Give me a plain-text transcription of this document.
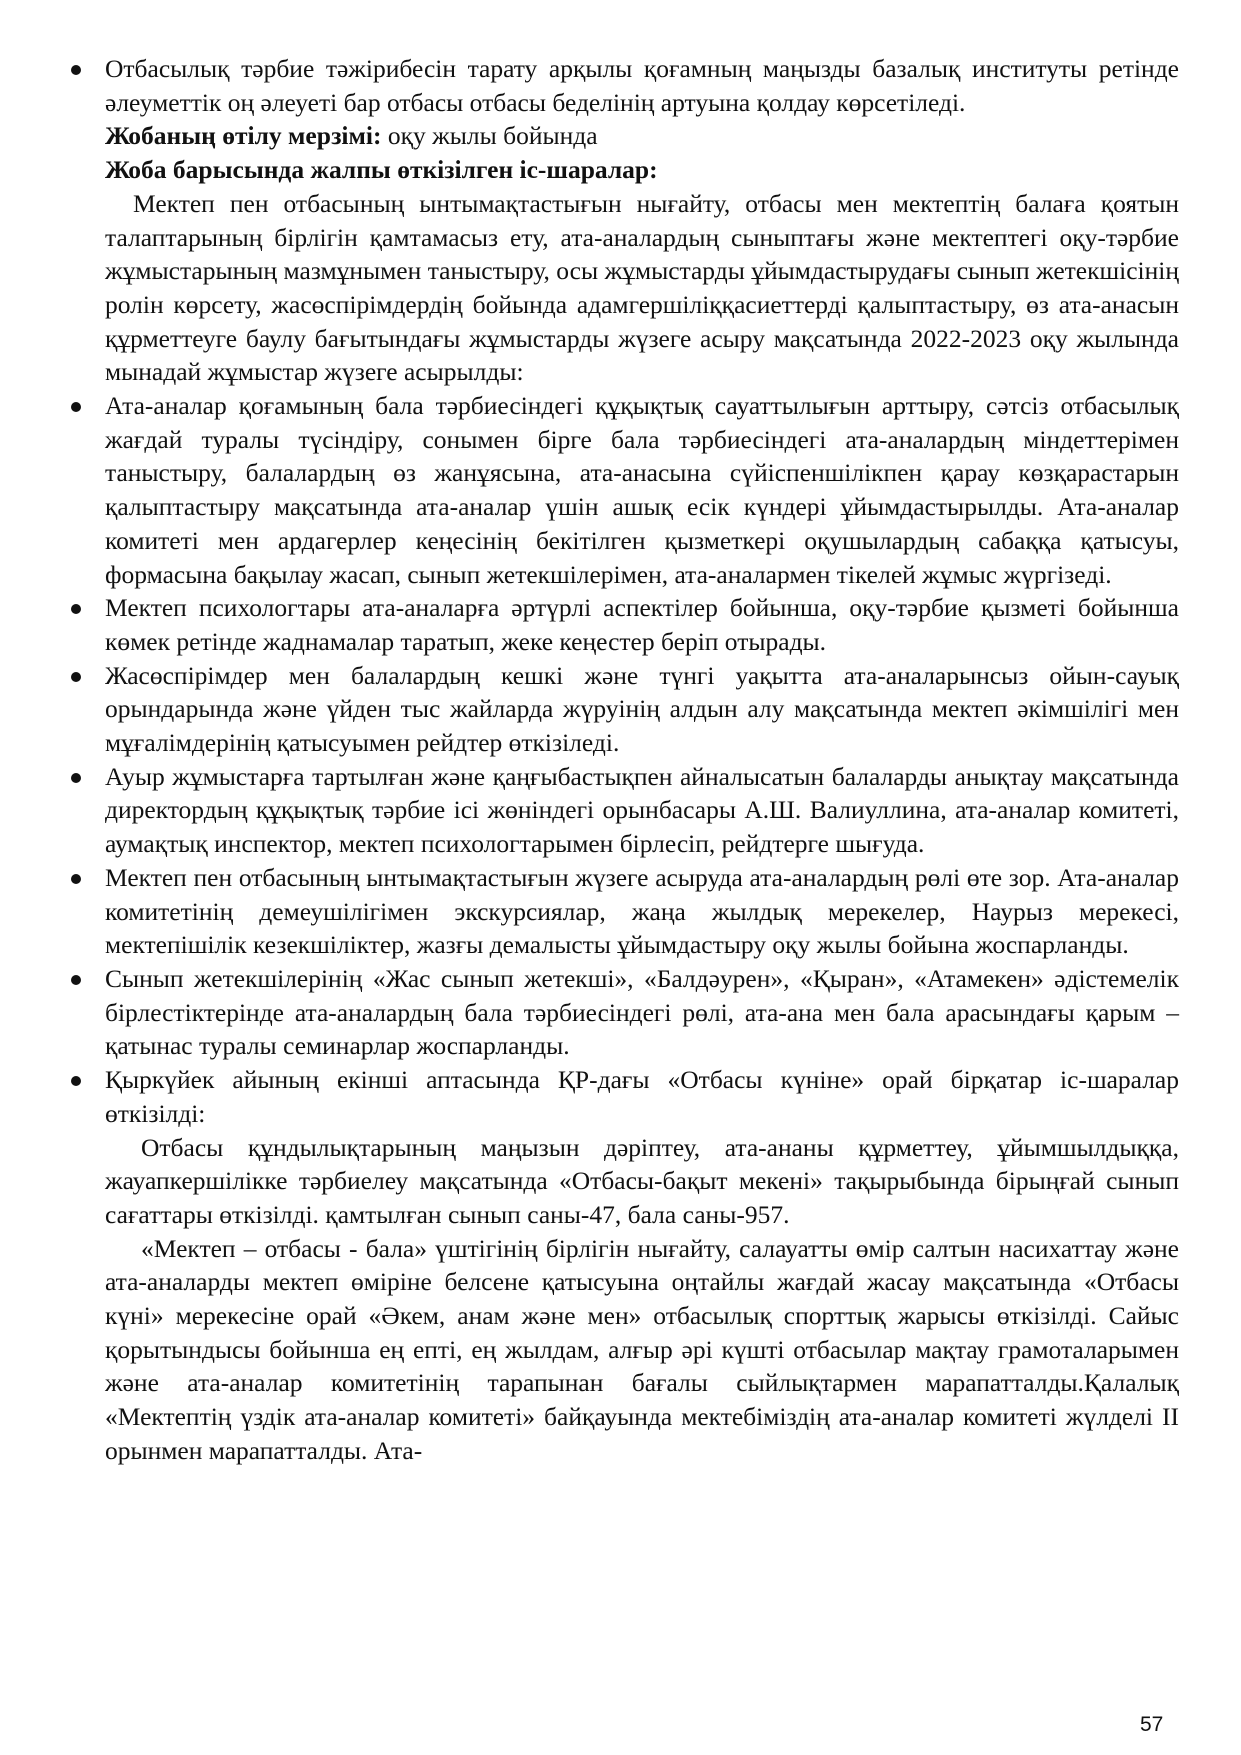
Отбасылық тәрбие тәжірибесін тарату арқылы қоғамның маңызды базалық институты ретінде әлеуметтік оң әлеуеті бар отбасы отбасы беделінің артуына қолдау көрсетіледі.

Жобаның өтілу мерзімі: оқу жылы бойында

Жоба барысында жалпы өткізілген іс-шаралар:

Мектеп пен отбасының ынтымақтастығын нығайту, отбасы мен мектептің балаға қоятын талаптарының бірлігін қамтамасыз ету, ата-аналардың сыныптағы және мектептегі оқу-тәрбие жұмыстарының мазмұнымен таныстыру, осы жұмыстарды ұйымдастырудағы сынып жетекшісінің ролін көрсету, жасөспірімдердің бойында адамгершіліққасиеттерді қалыптастыру, өз ата-анасын құрметтеуге баулу бағытындағы жұмыстарды жүзеге асыру мақсатында 2022-2023 оқу жылында мынадай жұмыстар жүзеге асырылды:

Ата-аналар қоғамының бала тәрбиесіндегі құқықтық сауаттылығын арттыру, сәтсіз отбасылық жағдай туралы түсіндіру, сонымен бірге бала тәрбиесіндегі ата-аналардың міндеттерімен таныстыру, балалардың өз жанұясына, ата-анасына сүйіспеншілікпен қарау көзқарастарын қалыптастыру мақсатында ата-аналар үшін ашық есік күндері ұйымдастырылды. Ата-аналар комитеті мен ардагерлер кеңесінің бекітілген қызметкері оқушылардың сабаққа қатысуы, формасына бақылау жасап, сынып жетекшілерімен, ата-аналармен тікелей жұмыс жүргізеді.

Мектеп психологтары ата-аналарға әртүрлі аспектілер бойынша, оқу-тәрбие қызметі бойынша көмек ретінде жаднамалар таратып, жеке кеңестер беріп отырады.

Жасөспірімдер мен балалардың кешкі және түнгі уақытта ата-аналарынсыз ойын-сауық орындарында және үйден тыс жайларда жүруінің алдын алу мақсатында мектеп әкімшілігі мен мұғалімдерінің қатысуымен рейдтер өткізіледі.

Ауыр жұмыстарға тартылған және қаңғыбастықпен айналысатын балаларды анықтау мақсатында директордың құқықтық тәрбие ісі жөніндегі орынбасары А.Ш. Валиуллина, ата-аналар комитеті, аумақтық инспектор, мектеп психологтарымен бірлесіп, рейдтерге шығуда.

Мектеп пен отбасының ынтымақтастығын жүзеге асыруда ата-аналардың рөлі өте зор. Ата-аналар комитетінің демеушілігімен экскурсиялар, жаңа жылдық мерекелер, Наурыз мерекесі, мектепішілік кезекшіліктер, жазғы демалысты ұйымдастыру оқу жылы бойына жоспарланды.

Сынып жетекшілерінің «Жас сынып жетекші», «Балдәурен», «Қыран», «Атамекен» әдістемелік бірлестіктерінде ата-аналардың бала тәрбиесіндегі рөлі, ата-ана мен бала арасындағы қарым – қатынас туралы семинарлар жоспарланды.

Қыркүйек айының екінші аптасында ҚР-дағы «Отбасы күніне» орай бірқатар іс-шаралар өткізілді:

Отбасы құндылықтарының маңызын дәріптеу, ата-ананы құрметтеу, ұйымшылдыққа, жауапкершілікке тәрбиелеу мақсатында «Отбасы-бақыт мекені» тақырыбында бірыңғай сынып сағаттары өткізілді. қамтылған сынып саны-47, бала саны-957.

«Мектеп – отбасы - бала» үштігінің бірлігін нығайту, салауатты өмір салтын насихаттау және ата-аналарды мектеп өміріне белсене қатысуына оңтайлы жағдай жасау мақсатында «Отбасы күні» мерекесіне орай «Әкем, анам және мен» отбасылық спорттық жарысы өткізілді. Сайыс қорытындысы бойынша ең епті, ең жылдам, алғыр әрі күшті отбасылар мақтау грамоталарымен және ата-аналар комитетінің тарапынан бағалы сыйлықтармен марапатталды.Қалалық «Мектептің үздік ата-аналар комитеті» байқауында мектебіміздің ата-аналар комитеті жүлделі ІІ орынмен марапатталды. Ата-

57
